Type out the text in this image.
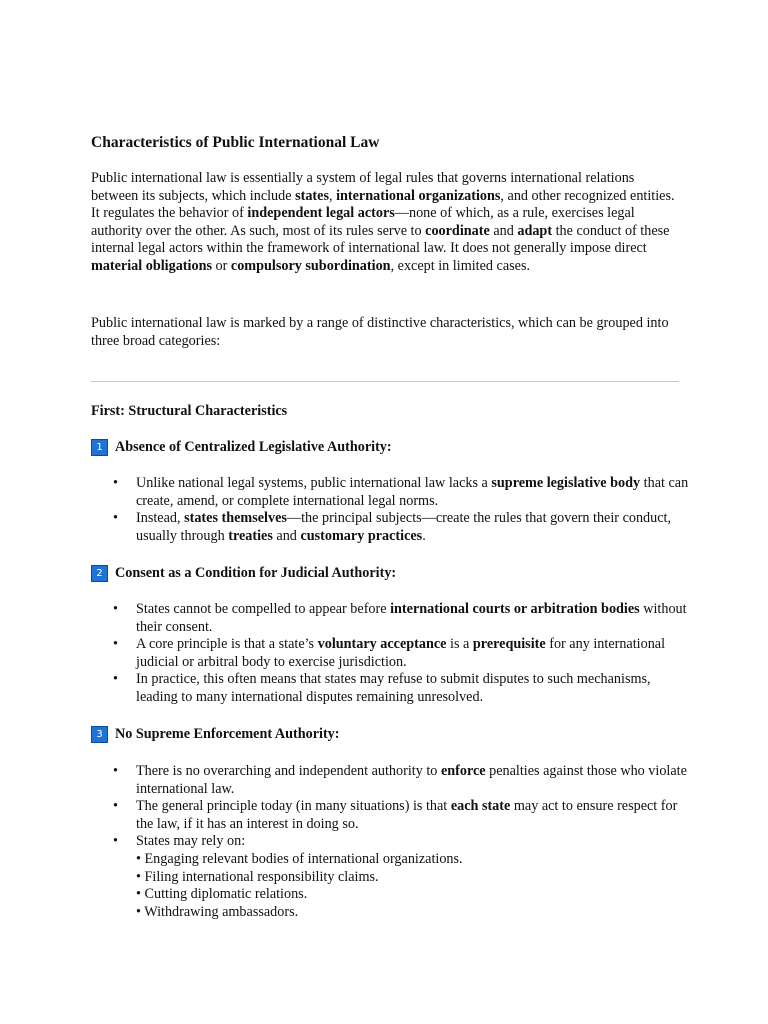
Characteristics of Public International Law

Public international law is essentially a system of legal rules that governs international relations between its subjects, which include states, international organizations, and other recognized entities. It regulates the behavior of independent legal actors—none of which, as a rule, exercises legal authority over the other. As such, most of its rules serve to coordinate and adapt the conduct of these internal legal actors within the framework of international law. It does not generally impose direct material obligations or compulsory subordination, except in limited cases.

Public international law is marked by a range of distinctive characteristics, which can be grouped into three broad categories:

First: Structural Characteristics

1 Absence of Centralized Legislative Authority:

• Unlike national legal systems, public international law lacks a supreme legislative body that can create, amend, or complete international legal norms.
• Instead, states themselves—the principal subjects—create the rules that govern their conduct, usually through treaties and customary practices.

2 Consent as a Condition for Judicial Authority:

• States cannot be compelled to appear before international courts or arbitration bodies without their consent.
• A core principle is that a state’s voluntary acceptance is a prerequisite for any international judicial or arbitral body to exercise jurisdiction.
• In practice, this often means that states may refuse to submit disputes to such mechanisms, leading to many international disputes remaining unresolved.

3 No Supreme Enforcement Authority:

• There is no overarching and independent authority to enforce penalties against those who violate international law.
• The general principle today (in many situations) is that each state may act to ensure respect for the law, if it has an interest in doing so.
• States may rely on:
• Engaging relevant bodies of international organizations.
• Filing international responsibility claims.
• Cutting diplomatic relations.
• Withdrawing ambassadors.
